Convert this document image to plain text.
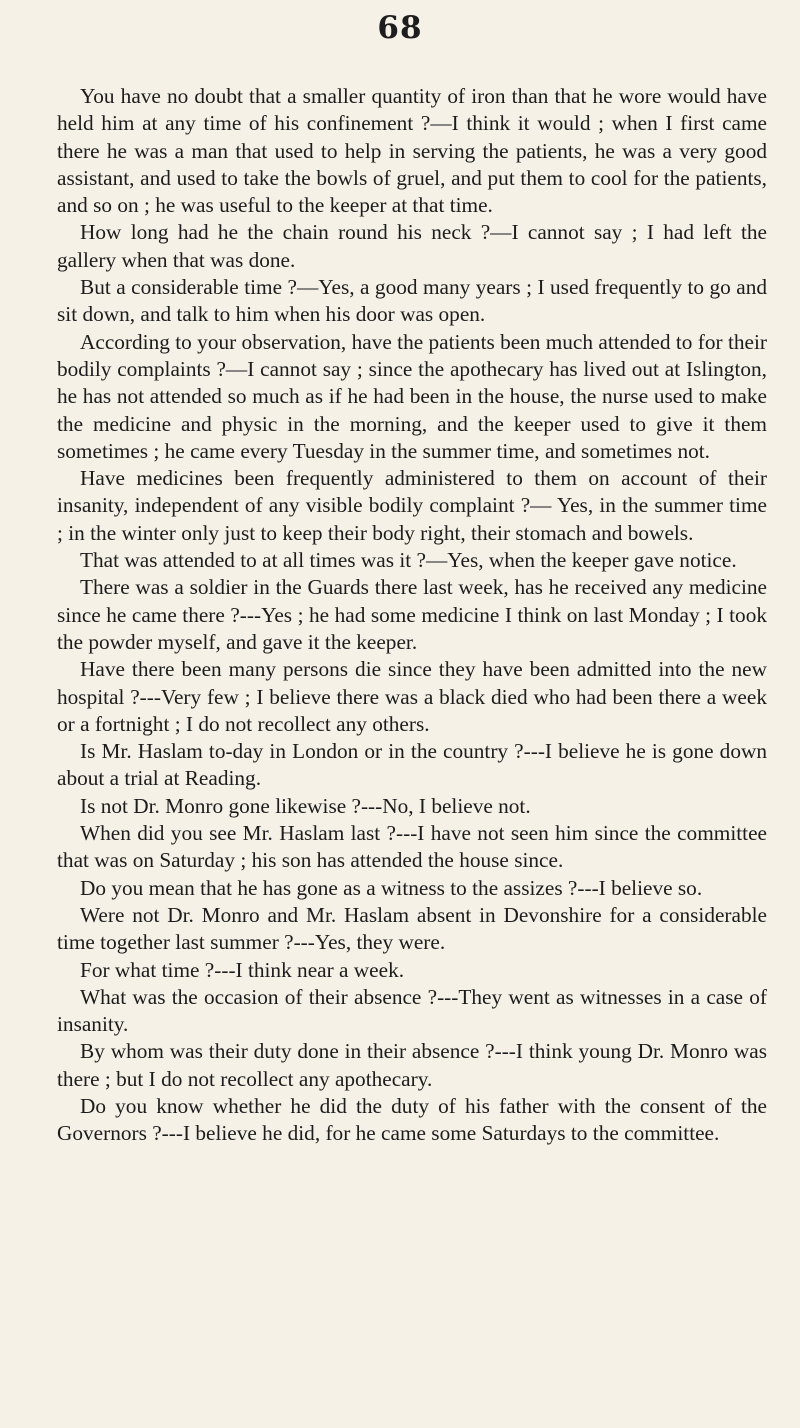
68

You have no doubt that a smaller quantity of iron than that he wore would have held him at any time of his confinement ?—I think it would ; when I first came there he was a man that used to help in serving the patients, he was a very good assistant, and used to take the bowls of gruel, and put them to cool for the patients, and so on ; he was useful to the keeper at that time.

How long had he the chain round his neck ?—I cannot say ; I had left the gallery when that was done.

But a considerable time ?—Yes, a good many years ; I used frequently to go and sit down, and talk to him when his door was open.

According to your observation, have the patients been much attended to for their bodily complaints ?—I cannot say ; since the apothecary has lived out at Islington, he has not attended so much as if he had been in the house, the nurse used to make the medicine and physic in the morning, and the keeper used to give it them sometimes ; he came every Tuesday in the summer time, and sometimes not.

Have medicines been frequently administered to them on account of their insanity, independent of any visible bodily complaint ?— Yes, in the summer time ; in the winter only just to keep their body right, their stomach and bowels.

That was attended to at all times was it ?—Yes, when the keeper gave notice.

There was a soldier in the Guards there last week, has he received any medicine since he came there ?---Yes ; he had some medicine I think on last Monday ; I took the powder myself, and gave it the keeper.

Have there been many persons die since they have been admitted into the new hospital ?---Very few ; I believe there was a black died who had been there a week or a fortnight ; I do not recollect any others.

Is Mr. Haslam to-day in London or in the country ?---I believe he is gone down about a trial at Reading.

Is not Dr. Monro gone likewise ?---No, I believe not.

When did you see Mr. Haslam last ?---I have not seen him since the committee that was on Saturday ; his son has attended the house since.

Do you mean that he has gone as a witness to the assizes ?---I believe so.

Were not Dr. Monro and Mr. Haslam absent in Devonshire for a considerable time together last summer ?---Yes, they were.

For what time ?---I think near a week.

What was the occasion of their absence ?---They went as witnesses in a case of insanity.

By whom was their duty done in their absence ?---I think young Dr. Monro was there ; but I do not recollect any apothecary.

Do you know whether he did the duty of his father with the consent of the Governors ?---I believe he did, for he came some Saturdays to the committee.
